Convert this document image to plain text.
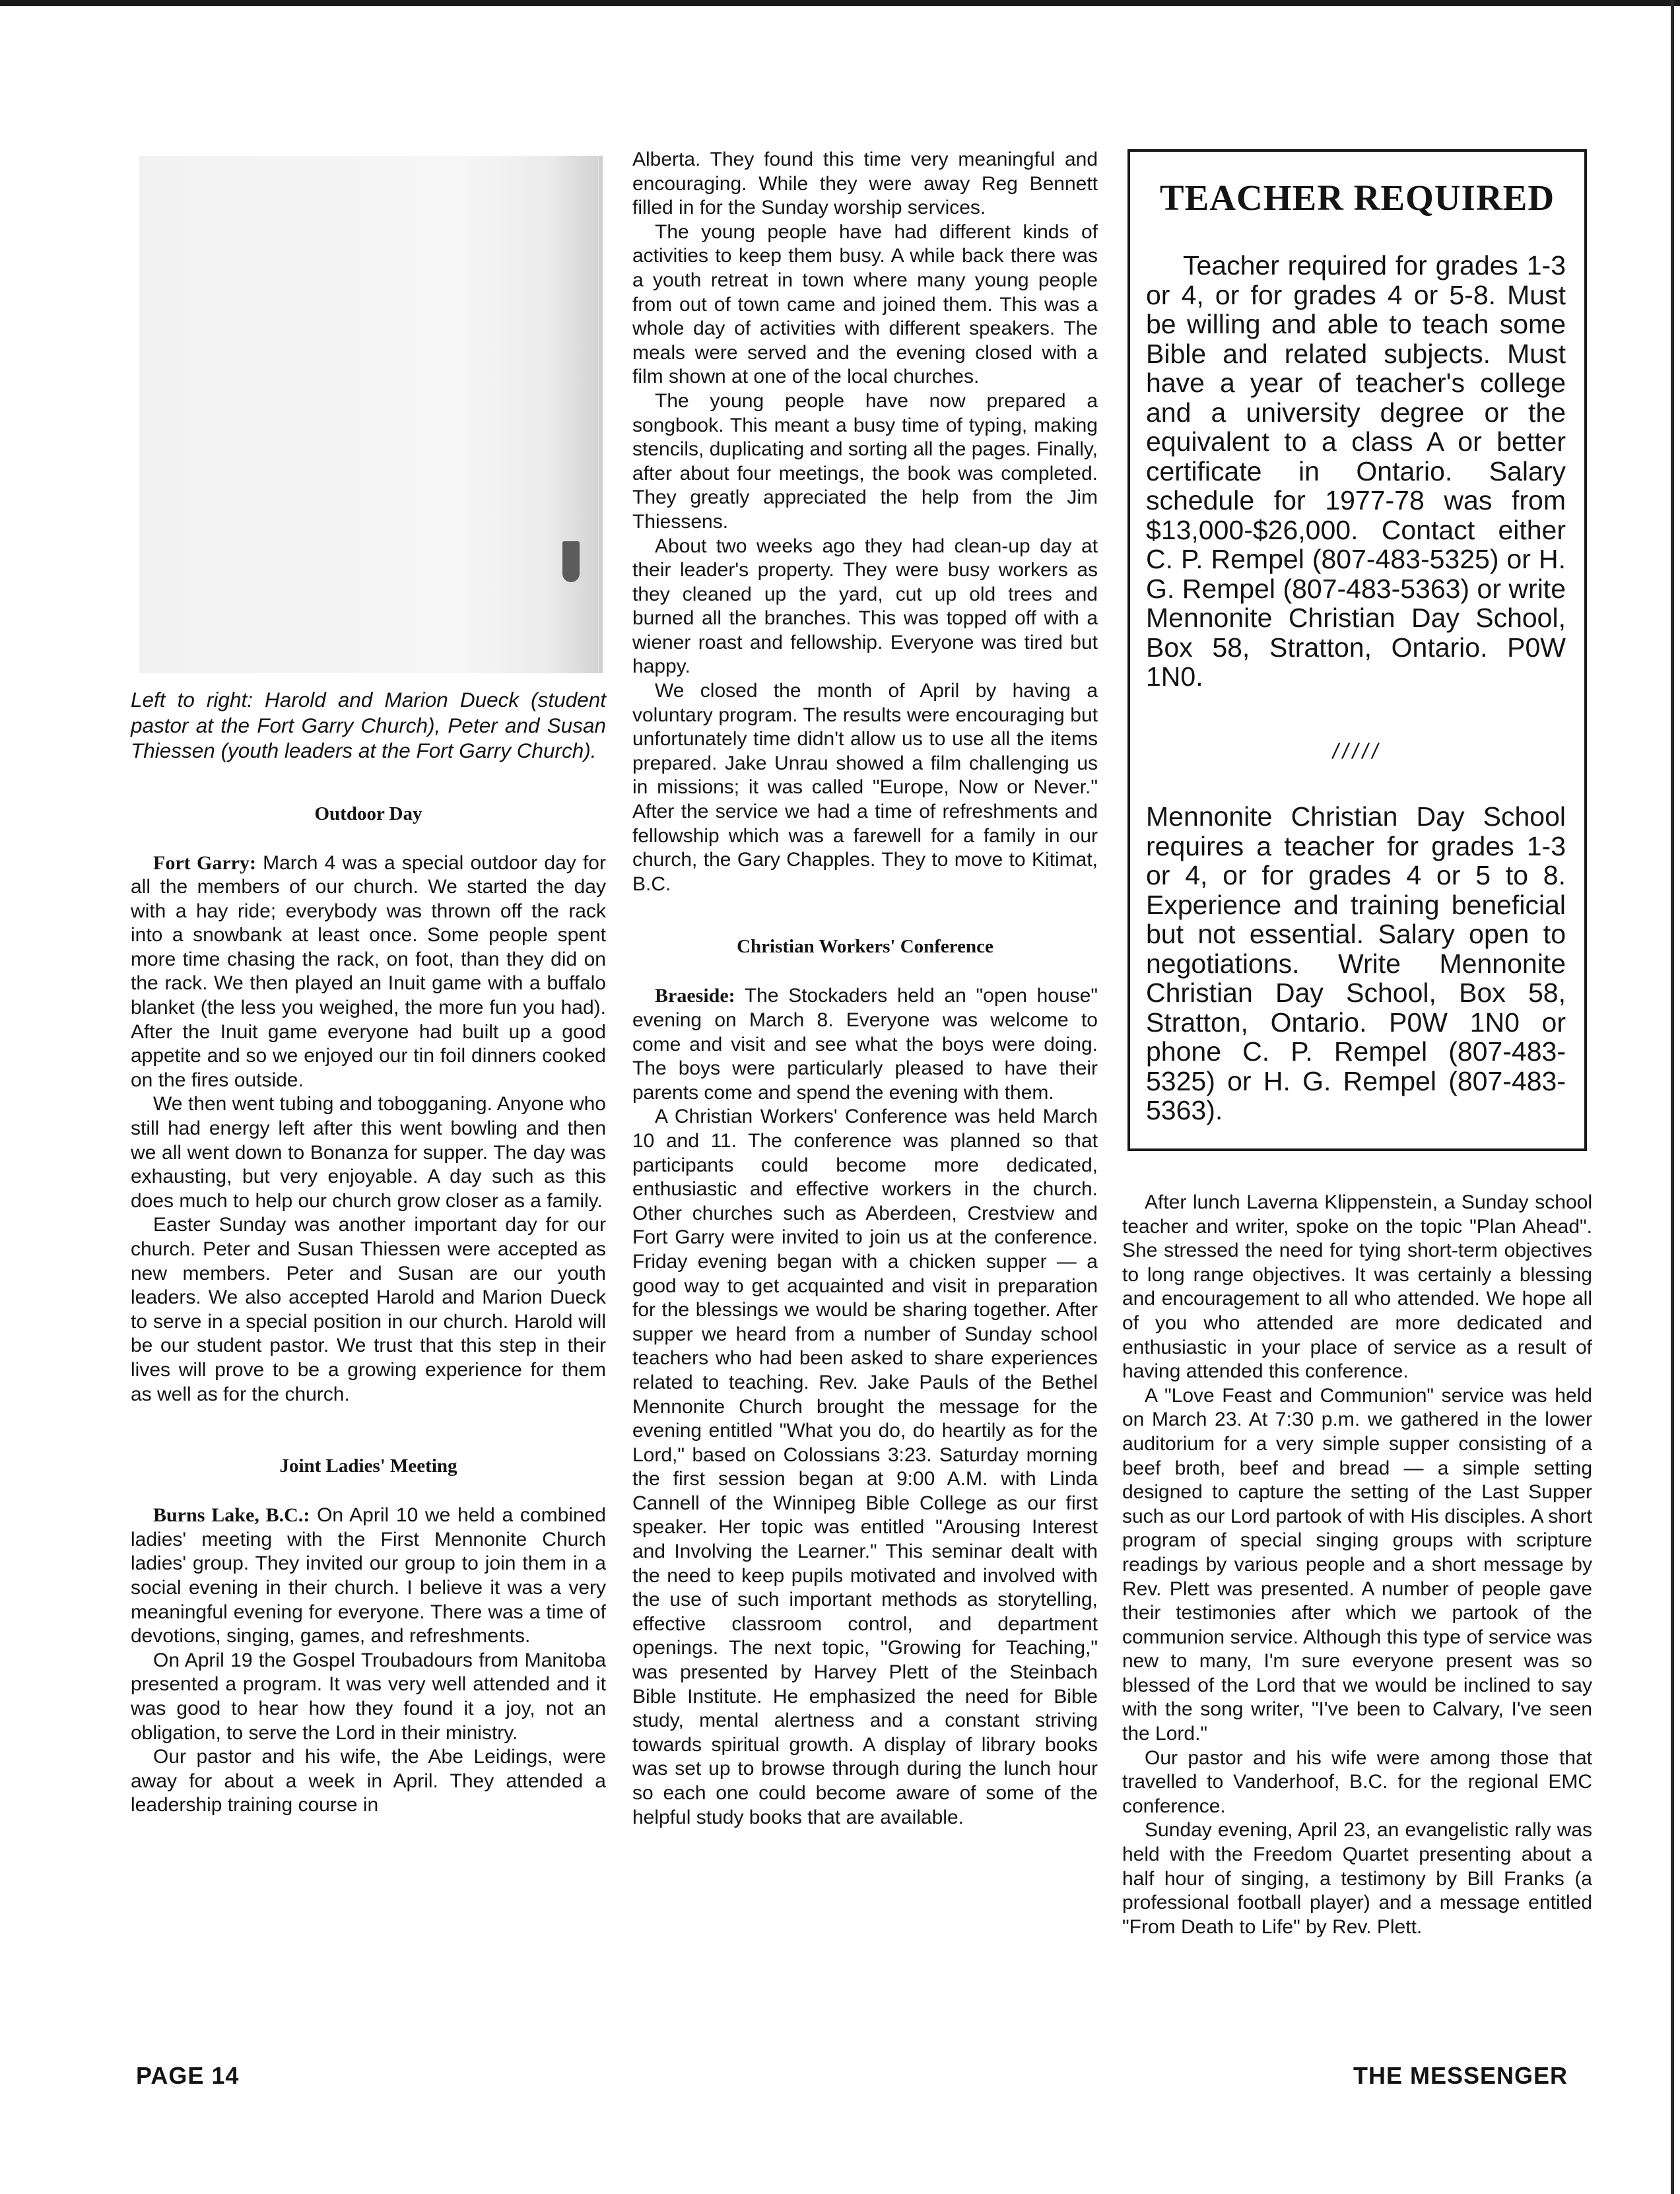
Left to right: Harold and Marion Dueck (student pastor at the Fort Garry Church), Peter and Susan Thiessen (youth leaders at the Fort Garry Church).

Outdoor Day

Fort Garry: March 4 was a special outdoor day for all the members of our church. We started the day with a hay ride; everybody was thrown off the rack into a snowbank at least once. Some people spent more time chasing the rack, on foot, than they did on the rack. We then played an Inuit game with a buffalo blanket (the less you weighed, the more fun you had). After the Inuit game everyone had built up a good appetite and so we enjoyed our tin foil dinners cooked on the fires outside.

We then went tubing and tobogganing. Anyone who still had energy left after this went bowling and then we all went down to Bonanza for supper. The day was exhausting, but very enjoyable. A day such as this does much to help our church grow closer as a family.

Easter Sunday was another important day for our church. Peter and Susan Thiessen were accepted as new members. Peter and Susan are our youth leaders. We also accepted Harold and Marion Dueck to serve in a special position in our church. Harold will be our student pastor. We trust that this step in their lives will prove to be a growing experience for them as well as for the church.

Joint Ladies' Meeting

Burns Lake, B.C.: On April 10 we held a combined ladies' meeting with the First Mennonite Church ladies' group. They invited our group to join them in a social evening in their church. I believe it was a very meaningful evening for everyone. There was a time of devotions, singing, games, and refreshments.

On April 19 the Gospel Troubadours from Manitoba presented a program. It was very well attended and it was good to hear how they found it a joy, not an obligation, to serve the Lord in their ministry.

Our pastor and his wife, the Abe Leidings, were away for about a week in April. They attended a leadership training course in

Alberta. They found this time very meaningful and encouraging. While they were away Reg Bennett filled in for the Sunday worship services.

The young people have had different kinds of activities to keep them busy. A while back there was a youth retreat in town where many young people from out of town came and joined them. This was a whole day of activities with different speakers. The meals were served and the evening closed with a film shown at one of the local churches.

The young people have now prepared a songbook. This meant a busy time of typing, making stencils, duplicating and sorting all the pages. Finally, after about four meetings, the book was completed. They greatly appreciated the help from the Jim Thiessens.

About two weeks ago they had clean-up day at their leader's property. They were busy workers as they cleaned up the yard, cut up old trees and burned all the branches. This was topped off with a wiener roast and fellowship. Everyone was tired but happy.

We closed the month of April by having a voluntary program. The results were encouraging but unfortunately time didn't allow us to use all the items prepared. Jake Unrau showed a film challenging us in missions; it was called "Europe, Now or Never." After the service we had a time of refreshments and fellowship which was a farewell for a family in our church, the Gary Chapples. They to move to Kitimat, B.C.

Christian Workers' Conference

Braeside: The Stockaders held an "open house" evening on March 8. Everyone was welcome to come and visit and see what the boys were doing. The boys were particularly pleased to have their parents come and spend the evening with them.

A Christian Workers' Conference was held March 10 and 11. The conference was planned so that participants could become more dedicated, enthusiastic and effective workers in the church. Other churches such as Aberdeen, Crestview and Fort Garry were invited to join us at the conference. Friday evening began with a chicken supper — a good way to get acquainted and visit in preparation for the blessings we would be sharing together. After supper we heard from a number of Sunday school teachers who had been asked to share experiences related to teaching. Rev. Jake Pauls of the Bethel Mennonite Church brought the message for the evening entitled "What you do, do heartily as for the Lord," based on Colossians 3:23. Saturday morning the first session began at 9:00 A.M. with Linda Cannell of the Winnipeg Bible College as our first speaker. Her topic was entitled "Arousing Interest and Involving the Learner." This seminar dealt with the need to keep pupils motivated and involved with the use of such important methods as storytelling, effective classroom control, and department openings. The next topic, "Growing for Teaching," was presented by Harvey Plett of the Steinbach Bible Institute. He emphasized the need for Bible study, mental alertness and a constant striving towards spiritual growth. A display of library books was set up to browse through during the lunch hour so each one could become aware of some of the helpful study books that are available.

TEACHER REQUIRED

Teacher required for grades 1-3 or 4, or for grades 4 or 5-8. Must be willing and able to teach some Bible and related subjects. Must have a year of teacher's college and a university degree or the equivalent to a class A or better certificate in Ontario. Salary schedule for 1977-78 was from $13,000-$26,000. Contact either C. P. Rempel (807-483-5325) or H. G. Rempel (807-483-5363) or write Mennonite Christian Day School, Box 58, Stratton, Ontario. P0W 1N0.

/////

Mennonite Christian Day School requires a teacher for grades 1-3 or 4, or for grades 4 or 5 to 8. Experience and training beneficial but not essential. Salary open to negotiations. Write Mennonite Christian Day School, Box 58, Stratton, Ontario. P0W 1N0 or phone C. P. Rempel (807-483-5325) or H. G. Rempel (807-483-5363).

After lunch Laverna Klippenstein, a Sunday school teacher and writer, spoke on the topic "Plan Ahead". She stressed the need for tying short-term objectives to long range objectives. It was certainly a blessing and encouragement to all who attended. We hope all of you who attended are more dedicated and enthusiastic in your place of service as a result of having attended this conference.

A "Love Feast and Communion" service was held on March 23. At 7:30 p.m. we gathered in the lower auditorium for a very simple supper consisting of a beef broth, beef and bread — a simple setting designed to capture the setting of the Last Supper such as our Lord partook of with His disciples. A short program of special singing groups with scripture readings by various people and a short message by Rev. Plett was presented. A number of people gave their testimonies after which we partook of the communion service. Although this type of service was new to many, I'm sure everyone present was so blessed of the Lord that we would be inclined to say with the song writer, "I've been to Calvary, I've seen the Lord."

Our pastor and his wife were among those that travelled to Vanderhoof, B.C. for the regional EMC conference.

Sunday evening, April 23, an evangelistic rally was held with the Freedom Quartet presenting about a half hour of singing, a testimony by Bill Franks (a professional football player) and a message entitled "From Death to Life" by Rev. Plett.

PAGE 14	THE MESSENGER
